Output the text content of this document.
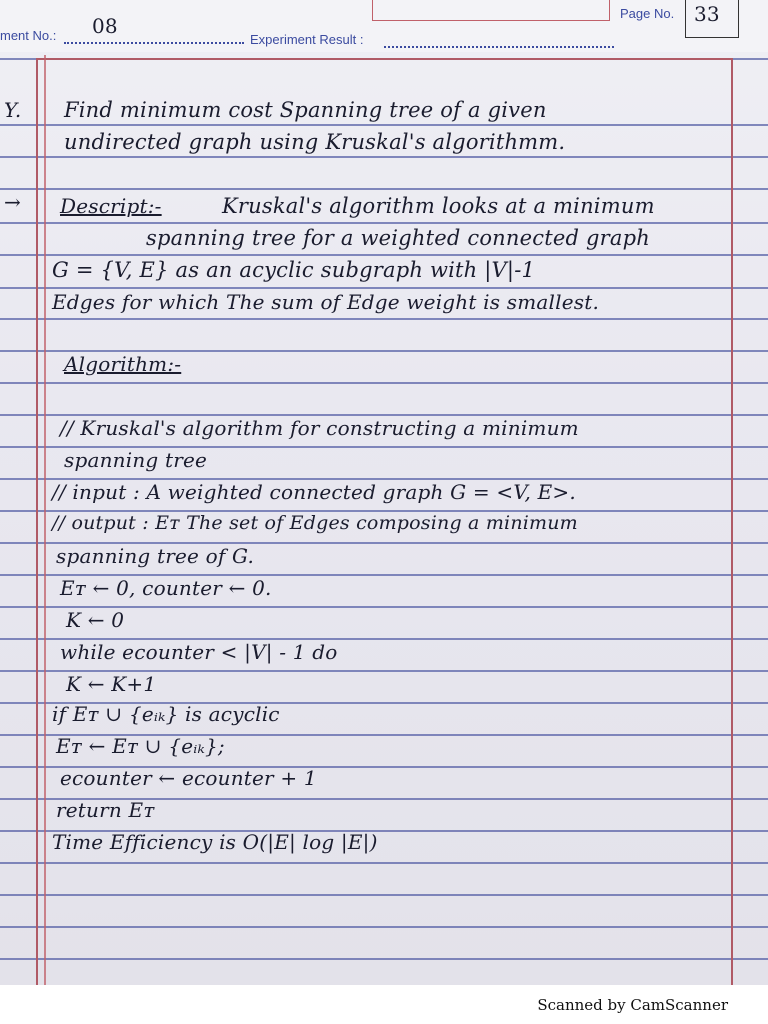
ment No.: 08
Experiment Result :
Page No. 33
Y.
→
Find minimum cost Spanning tree of a given
undirected graph using Kruskal's algorithmm.
Descript:-	Kruskal's algorithm looks at a minimum
spanning tree for a weighted connected graph
G = {V, E} as an acyclic subgraph with |V|-1
Edges for which The sum of Edge weight is smallest.
Algorithm:-
// Kruskal's algorithm for constructing a minimum
spanning tree
// input : A weighted connected graph G = <V, E>.
// output : Eᴛ The set of Edges composing a minimum
spanning tree of G.
Eᴛ ← 0, counter ← 0.
K ← 0
while ecounter < |V| - 1 do
K ← K+1
if Eᴛ ∪ {eᵢₖ} is acyclic
Eᴛ ← Eᴛ ∪ {eᵢₖ};
ecounter ← ecounter + 1
return Eᴛ
Time Efficiency is O(|E| log |E|)
Scanned by CamScanner
